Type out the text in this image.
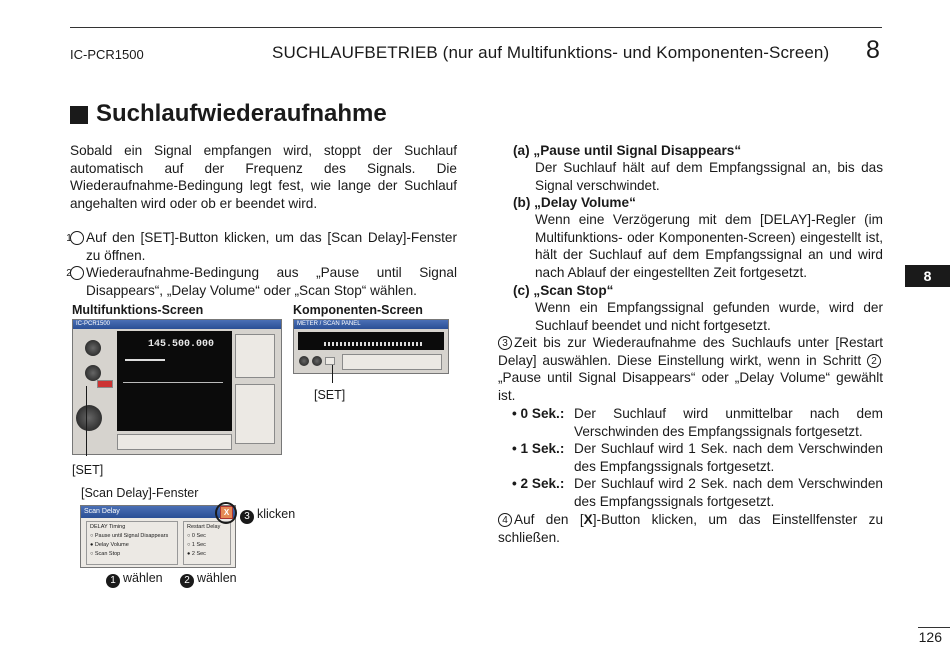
IC-PCR1500	SUCHLAUFBETRIEB (nur auf Multifunktions- und Komponenten-Screen) 8
8
Suchlaufwiederaufnahme
Sobald ein Signal empfangen wird, stoppt der Suchlauf automatisch auf der Frequenz des Signals. Die Wiederaufnahme-Bedingung legt fest, wie lange der Suchlauf angehalten wird oder ob er beendet wird.
1 Auf den [SET]-Button klicken, um das [Scan Delay]-Fenster zu öffnen.
2 Wiederaufnahme-Bedingung aus „Pause until Signal Disappears“, „Delay Volume“ oder „Scan Stop“ wählen.
Multifunktions-Screen	Komponenten-Screen
IC-PCR1500
145.500.000
[SET]
METER / SCAN PANEL
[SET]
[Scan Delay]-Fenster
Scan Delay
DELAY Timing
○ Pause until Signal Disappears
● Delay Volume
○ Scan Stop
Restart Delay
○ 0 Sec
○ 1 Sec
● 2 Sec
X	3 klicken
1 wählen	2 wählen
(a) „Pause until Signal Disappears“
Der Suchlauf hält auf dem Empfangssignal an, bis das Signal verschwindet.
(b) „Delay Volume“
Wenn eine Verzögerung mit dem [DELAY]-Regler (im Multifunktions- oder Komponenten-Screen) eingestellt ist, hält der Suchlauf auf dem Empfangssignal an und wird nach Ablauf der eingestellten Zeit fortgesetzt.
(c) „Scan Stop“
Wenn ein Empfangssignal gefunden wurde, wird der Suchlauf beendet und nicht fortgesetzt.
3 Zeit bis zur Wiederaufnahme des Suchlaufs unter [Restart Delay] auswählen. Diese Einstellung wirkt, wenn in Schritt 2 „Pause until Signal Disappears“ oder „Delay Volume“ gewählt ist.
• 0 Sek.: Der Suchlauf wird unmittelbar nach dem Verschwinden des Empfangssignals fortgesetzt.
• 1 Sek.: Der Suchlauf wird 1 Sek. nach dem Verschwinden des Empfangssignals fortgesetzt.
• 2 Sek.: Der Suchlauf wird 2 Sek. nach dem Verschwinden des Empfangssignals fortgesetzt.
4 Auf den [X]-Button klicken, um das Einstellfenster zu schließen.
126
